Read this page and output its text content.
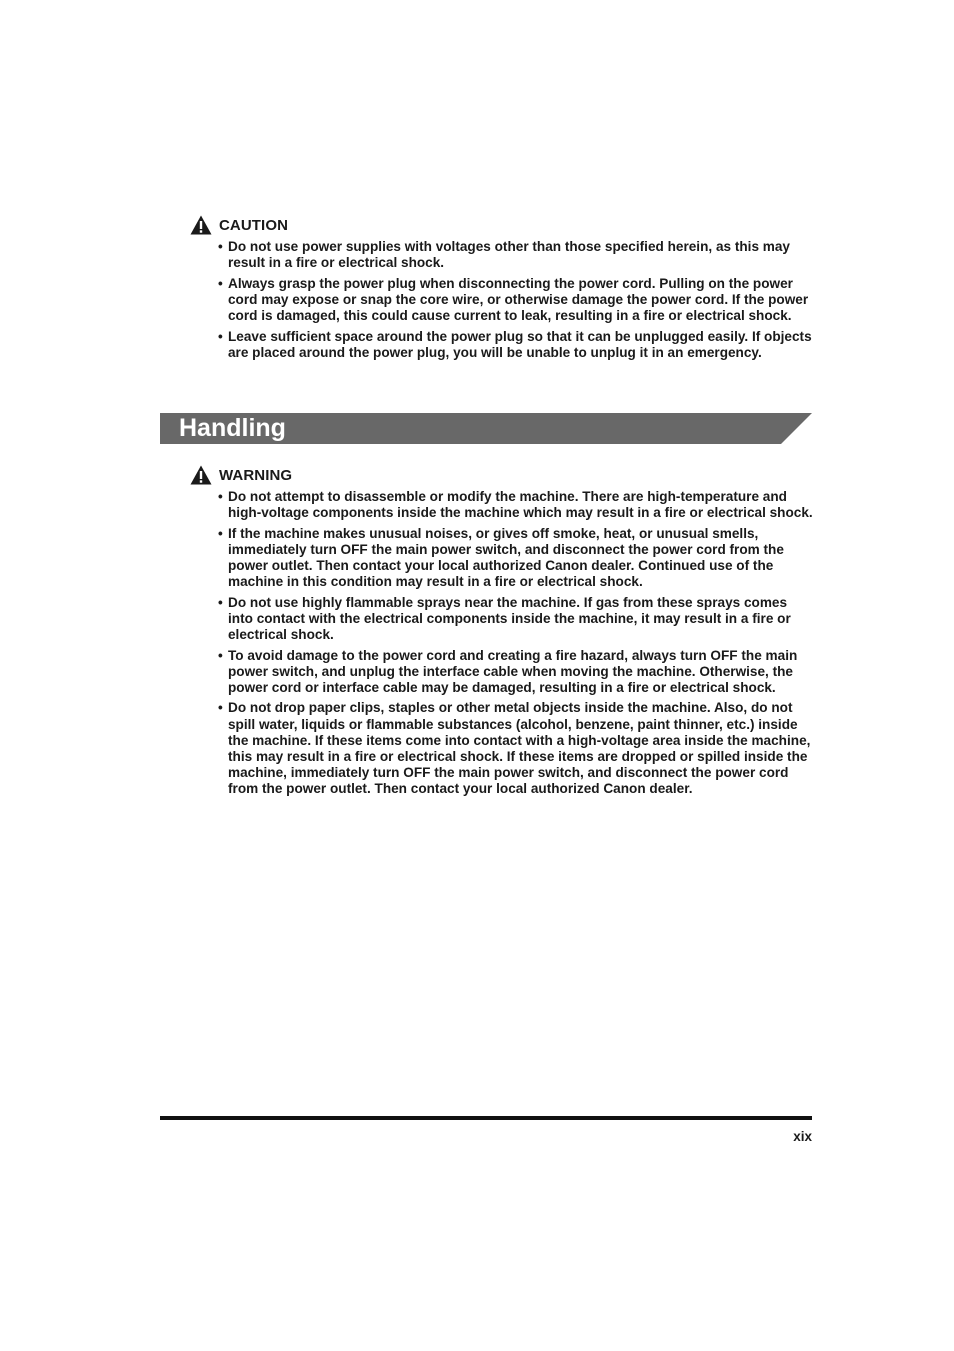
CAUTION
• Do not use power supplies with voltages other than those specified herein, as this may result in a fire or electrical shock.
• Always grasp the power plug when disconnecting the power cord. Pulling on the power cord may expose or snap the core wire, or otherwise damage the power cord. If the power cord is damaged, this could cause current to leak, resulting in a fire or electrical shock.
• Leave sufficient space around the power plug so that it can be unplugged easily. If objects are placed around the power plug, you will be unable to unplug it in an emergency.
Handling
WARNING
• Do not attempt to disassemble or modify the machine. There are high-temperature and high-voltage components inside the machine which may result in a fire or electrical shock.
• If the machine makes unusual noises, or gives off smoke, heat, or unusual smells, immediately turn OFF the main power switch, and disconnect the power cord from the power outlet. Then contact your local authorized Canon dealer. Continued use of the machine in this condition may result in a fire or electrical shock.
• Do not use highly flammable sprays near the machine. If gas from these sprays comes into contact with the electrical components inside the machine, it may result in a fire or electrical shock.
• To avoid damage to the power cord and creating a fire hazard, always turn OFF the main power switch, and unplug the interface cable when moving the machine. Otherwise, the power cord or interface cable may be damaged, resulting in a fire or electrical shock.
• Do not drop paper clips, staples or other metal objects inside the machine. Also, do not spill water, liquids or flammable substances (alcohol, benzene, paint thinner, etc.) inside the machine. If these items come into contact with a high-voltage area inside the machine, this may result in a fire or electrical shock. If these items are dropped or spilled inside the machine, immediately turn OFF the main power switch, and disconnect the power cord from the power outlet. Then contact your local authorized Canon dealer.
xix
